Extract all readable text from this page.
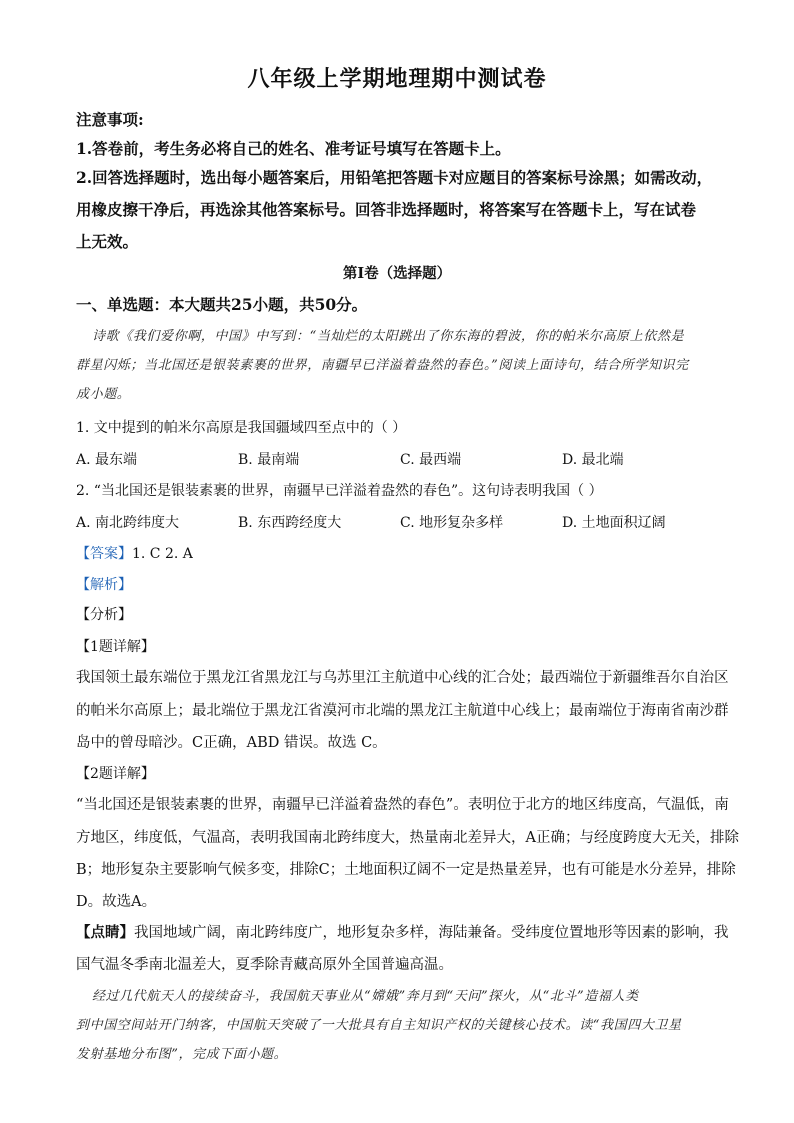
八年级上学期地理期中测试卷
注意事项:
1.答卷前，考生务必将自己的姓名、准考证号填写在答题卡上。
2.回答选择题时，选出每小题答案后，用铅笔把答题卡对应题目的答案标号涂黑；如需改动，
用橡皮擦干净后，再选涂其他答案标号。回答非选择题时，将答案写在答题卡上，写在试卷
上无效。
第Ⅰ卷（选择题）
一、单选题：本大题共25小题，共50分。
诗歌《我们爱你啊，中国》中写到：“当灿烂的太阳跳出了你东海的碧波，你的帕米尔高原上依然是
群星闪烁；当北国还是银装素裹的世界，南疆早已洋溢着盎然的春色。”阅读上面诗句，结合所学知识完
成小题。
1. 文中提到的帕米尔高原是我国疆域四至点中的（ ）
A. 最东端	B. 最南端	C. 最西端	D. 最北端
2. “当北国还是银装素裹的世界，南疆早已洋溢着盎然的春色”。这句诗表明我国（ ）
A. 南北跨纬度大	B. 东西跨经度大	C. 地形复杂多样	D. 土地面积辽阔
【答案】1. C 2. A
【解析】
【分析】
【1题详解】
我国领土最东端位于黑龙江省黑龙江与乌苏里江主航道中心线的汇合处；最西端位于新疆维吾尔自治区
的帕米尔高原上；最北端位于黑龙江省漠河市北端的黑龙江主航道中心线上；最南端位于海南省南沙群
岛中的曾母暗沙。C正确，ABD 错误。故选 C。
【2题详解】
“当北国还是银装素裹的世界，南疆早已洋溢着盎然的春色”。表明位于北方的地区纬度高，气温低，南
方地区，纬度低，气温高，表明我国南北跨纬度大，热量南北差异大，A正确；与经度跨度大无关，排除
B；地形复杂主要影响气候多变，排除C；土地面积辽阔不一定是热量差异，也有可能是水分差异，排除
D。故选A。
【点睛】我国地域广阔，南北跨纬度广，地形复杂多样，海陆兼备。受纬度位置地形等因素的影响，我
国气温冬季南北温差大，夏季除青藏高原外全国普遍高温。
经过几代航天人的接续奋斗，我国航天事业从“嫦娥”奔月到“天问”探火，从“北斗”造福人类
到中国空间站开门纳客，中国航天突破了一大批具有自主知识产权的关键核心技术。读“我国四大卫星
发射基地分布图”，完成下面小题。
